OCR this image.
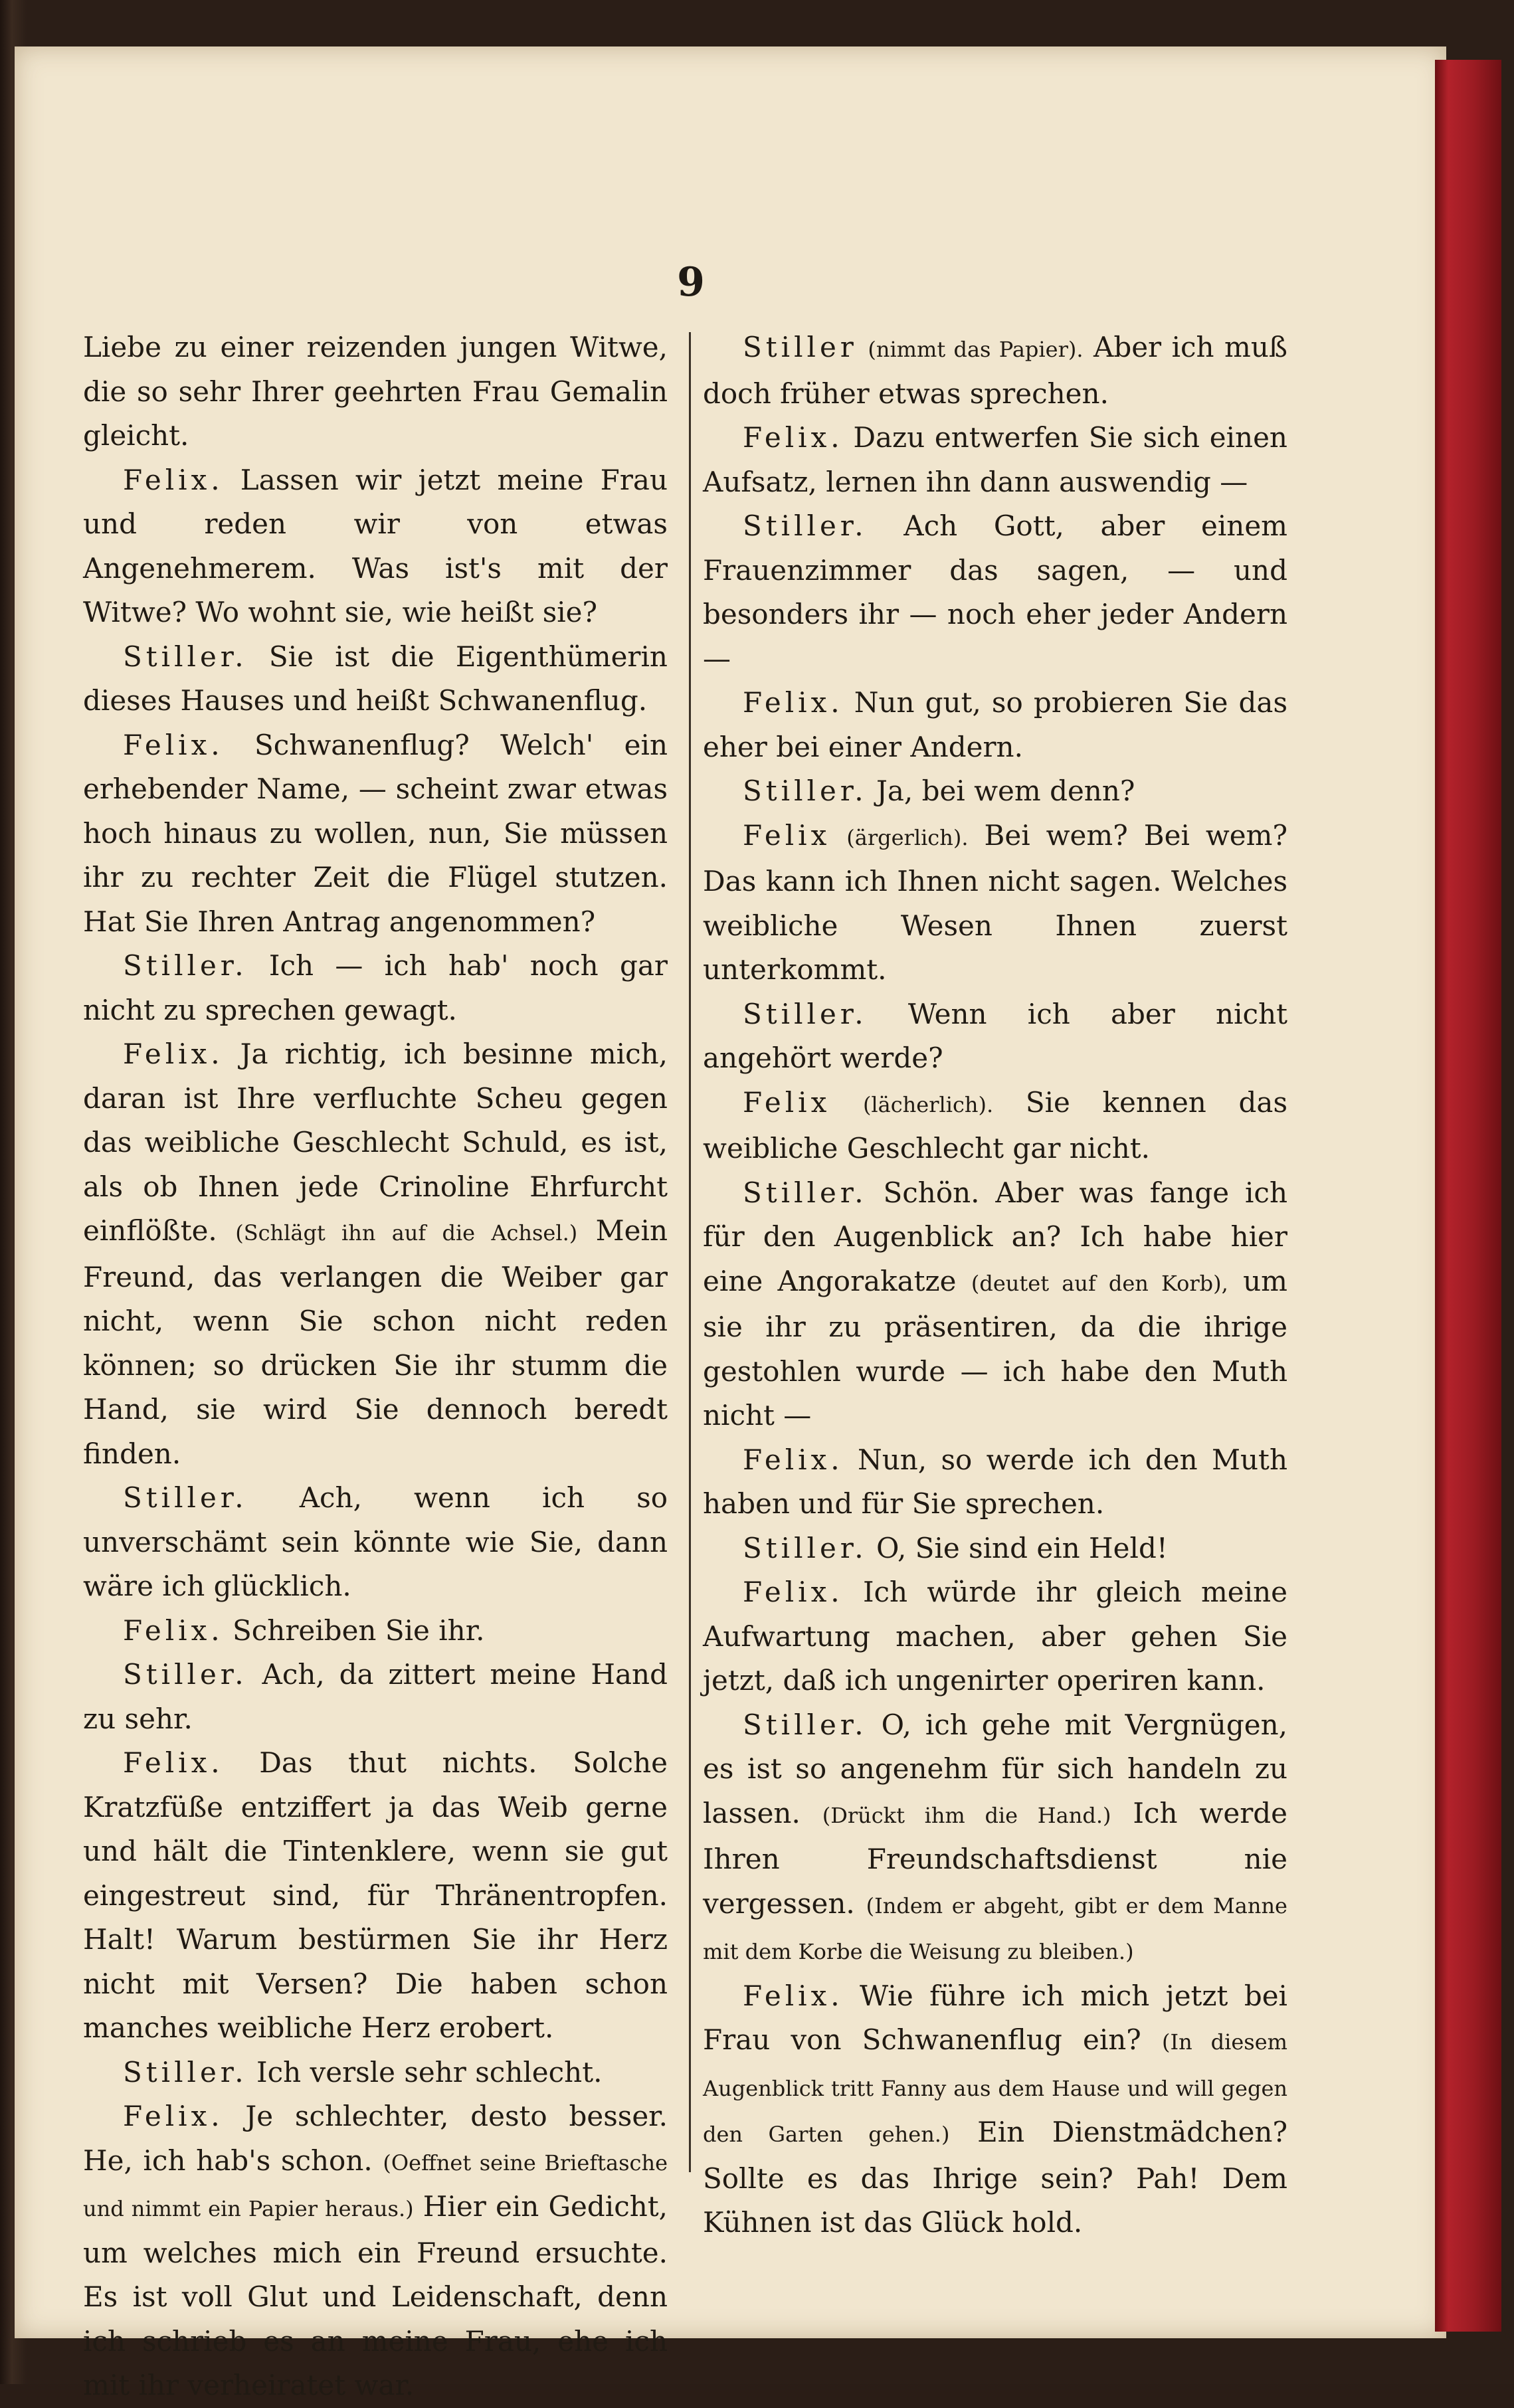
9

Liebe zu einer reizenden jungen Witwe, die so sehr Ihrer geehrten Frau Gemalin gleicht.

Felix. Lassen wir jetzt meine Frau und reden wir von etwas Angenehmerem. Was ist's mit der Witwe? Wo wohnt sie, wie heißt sie?

Stiller. Sie ist die Eigenthümerin dieses Hauses und heißt Schwanenflug.

Felix. Schwanenflug? Welch' ein erhebender Name, — scheint zwar etwas hoch hinaus zu wollen, nun, Sie müssen ihr zu rechter Zeit die Flügel stutzen. Hat Sie Ihren Antrag angenommen?

Stiller. Ich — ich hab' noch gar nicht zu sprechen gewagt.

Felix. Ja richtig, ich besinne mich, daran ist Ihre verfluchte Scheu gegen das weibliche Geschlecht Schuld, es ist, als ob Ihnen jede Crinoline Ehrfurcht einflößte. (Schlägt ihn auf die Achsel.) Mein Freund, das verlangen die Weiber gar nicht, wenn Sie schon nicht reden können; so drücken Sie ihr stumm die Hand, sie wird Sie dennoch beredt finden.

Stiller. Ach, wenn ich so unverschämt sein könnte wie Sie, dann wäre ich glücklich.

Felix. Schreiben Sie ihr.

Stiller. Ach, da zittert meine Hand zu sehr.

Felix. Das thut nichts. Solche Kratzfüße entziffert ja das Weib gerne und hält die Tintenklere, wenn sie gut eingestreut sind, für Thränentropfen. Halt! Warum bestürmen Sie ihr Herz nicht mit Versen? Die haben schon manches weibliche Herz erobert.

Stiller. Ich versle sehr schlecht.

Felix. Je schlechter, desto besser. He, ich hab's schon. (Oeffnet seine Brieftasche und nimmt ein Papier heraus.) Hier ein Gedicht, um welches mich ein Freund ersuchte. Es ist voll Glut und Leidenschaft, denn ich schrieb es an meine Frau, ehe ich mit ihr verheiratet war.

Stiller (nimmt das Papier). Aber ich muß doch früher etwas sprechen.

Felix. Dazu entwerfen Sie sich einen Aufsatz, lernen ihn dann auswendig —

Stiller. Ach Gott, aber einem Frauenzimmer das sagen, — und besonders ihr — noch eher jeder Andern —

Felix. Nun gut, so probieren Sie das eher bei einer Andern.

Stiller. Ja, bei wem denn?

Felix (ärgerlich). Bei wem? Bei wem? Das kann ich Ihnen nicht sagen. Welches weibliche Wesen Ihnen zuerst unterkommt.

Stiller. Wenn ich aber nicht angehört werde?

Felix (lächerlich). Sie kennen das weibliche Geschlecht gar nicht.

Stiller. Schön. Aber was fange ich für den Augenblick an? Ich habe hier eine Angorakatze (deutet auf den Korb), um sie ihr zu präsentiren, da die ihrige gestohlen wurde — ich habe den Muth nicht —

Felix. Nun, so werde ich den Muth haben und für Sie sprechen.

Stiller. O, Sie sind ein Held!

Felix. Ich würde ihr gleich meine Aufwartung machen, aber gehen Sie jetzt, daß ich ungenirter operiren kann.

Stiller. O, ich gehe mit Vergnügen, es ist so angenehm für sich handeln zu lassen. (Drückt ihm die Hand.) Ich werde Ihren Freundschaftsdienst nie vergessen. (Indem er abgeht, gibt er dem Manne mit dem Korbe die Weisung zu bleiben.)

Felix. Wie führe ich mich jetzt bei Frau von Schwanenflug ein? (In diesem Augenblick tritt Fanny aus dem Hause und will gegen den Garten gehen.) Ein Dienstmädchen? Sollte es das Ihrige sein? Pah! Dem Kühnen ist das Glück hold.
